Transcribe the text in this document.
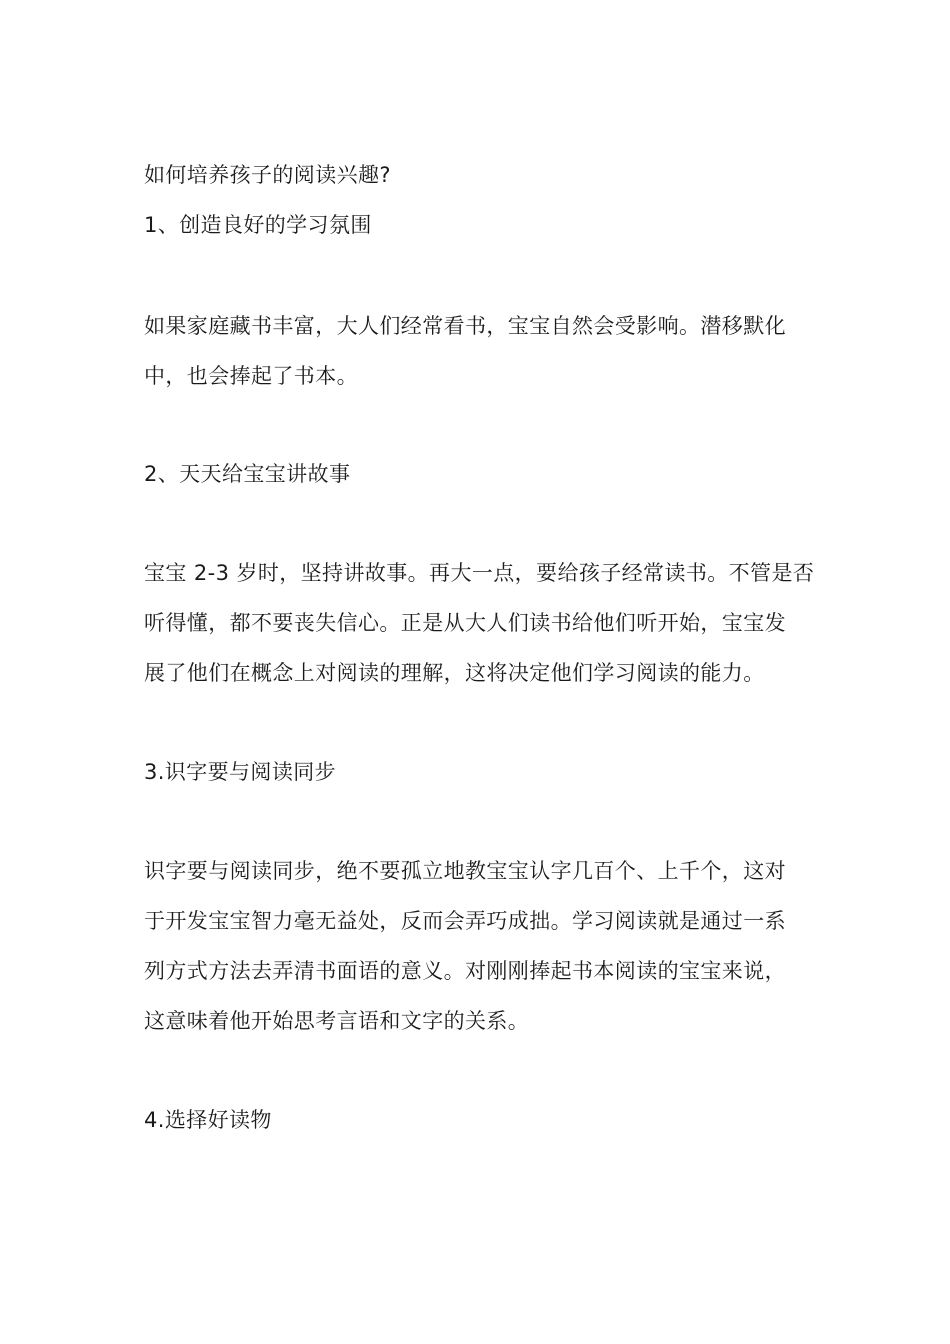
如何培养孩子的阅读兴趣?
1、创造良好的学习氛围
如果家庭藏书丰富，大人们经常看书，宝宝自然会受影响。潜移默化
中，也会捧起了书本。
2、天天给宝宝讲故事
宝宝 2-3 岁时，坚持讲故事。再大一点，要给孩子经常读书。不管是否
听得懂，都不要丧失信心。正是从大人们读书给他们听开始，宝宝发
展了他们在概念上对阅读的理解，这将决定他们学习阅读的能力。
3.识字要与阅读同步
识字要与阅读同步，绝不要孤立地教宝宝认字几百个、上千个，这对
于开发宝宝智力毫无益处，反而会弄巧成拙。学习阅读就是通过一系
列方式方法去弄清书面语的意义。对刚刚捧起书本阅读的宝宝来说，
这意味着他开始思考言语和文字的关系。
4.选择好读物
